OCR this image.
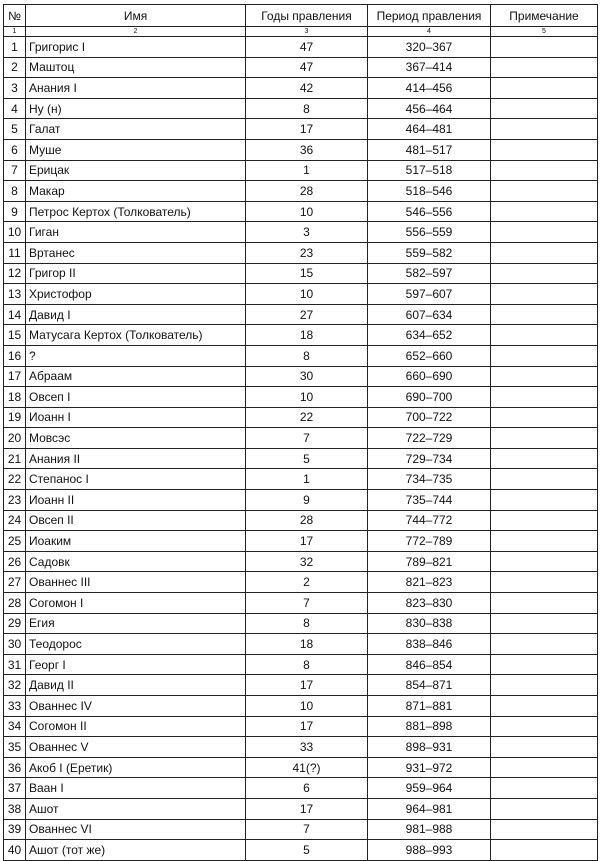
№	Имя	Годы правления	Период правления	Примечание
1	2	3	4	5
1	Григорис I	47	320–367	
2	Маштоц	47	367–414	
3	Анания I	42	414–456	
4	Ну (н)	8	456–464	
5	Галат	17	464–481	
6	Муше	36	481–517	
7	Ерицак	1	517–518	
8	Макар	28	518–546	
9	Петрос Кертох (Толкователь)	10	546–556	
10	Гиган	3	556–559	
11	Вртанес	23	559–582	
12	Григор II	15	582–597	
13	Христофор	10	597–607	
14	Давид I	27	607–634	
15	Матусага Кертох (Толкователь)	18	634–652	
16	?	8	652–660	
17	Абраам	30	660–690	
18	Овсеп I	10	690–700	
19	Иоанн I	22	700–722	
20	Мовсэс	7	722–729	
21	Анания II	5	729–734	
22	Степанос I	1	734–735	
23	Иоанн II	9	735–744	
24	Овсеп II	28	744–772	
25	Иоаким	17	772–789	
26	Садовк	32	789–821	
27	Ованнес III	2	821–823	
28	Согомон I	7	823–830	
29	Егия	8	830–838	
30	Теодорос	18	838–846	
31	Георг I	8	846–854	
32	Давид II	17	854–871	
33	Ованнес IV	10	871–881	
34	Согомон II	17	881–898	
35	Ованнес V	33	898–931	
36	Акоб I (Еретик)	41(?)	931–972	
37	Ваан I	6	959–964	
38	Ашот	17	964–981	
39	Ованнес VI	7	981–988	
40	Ашот (тот же)	5	988–993	
